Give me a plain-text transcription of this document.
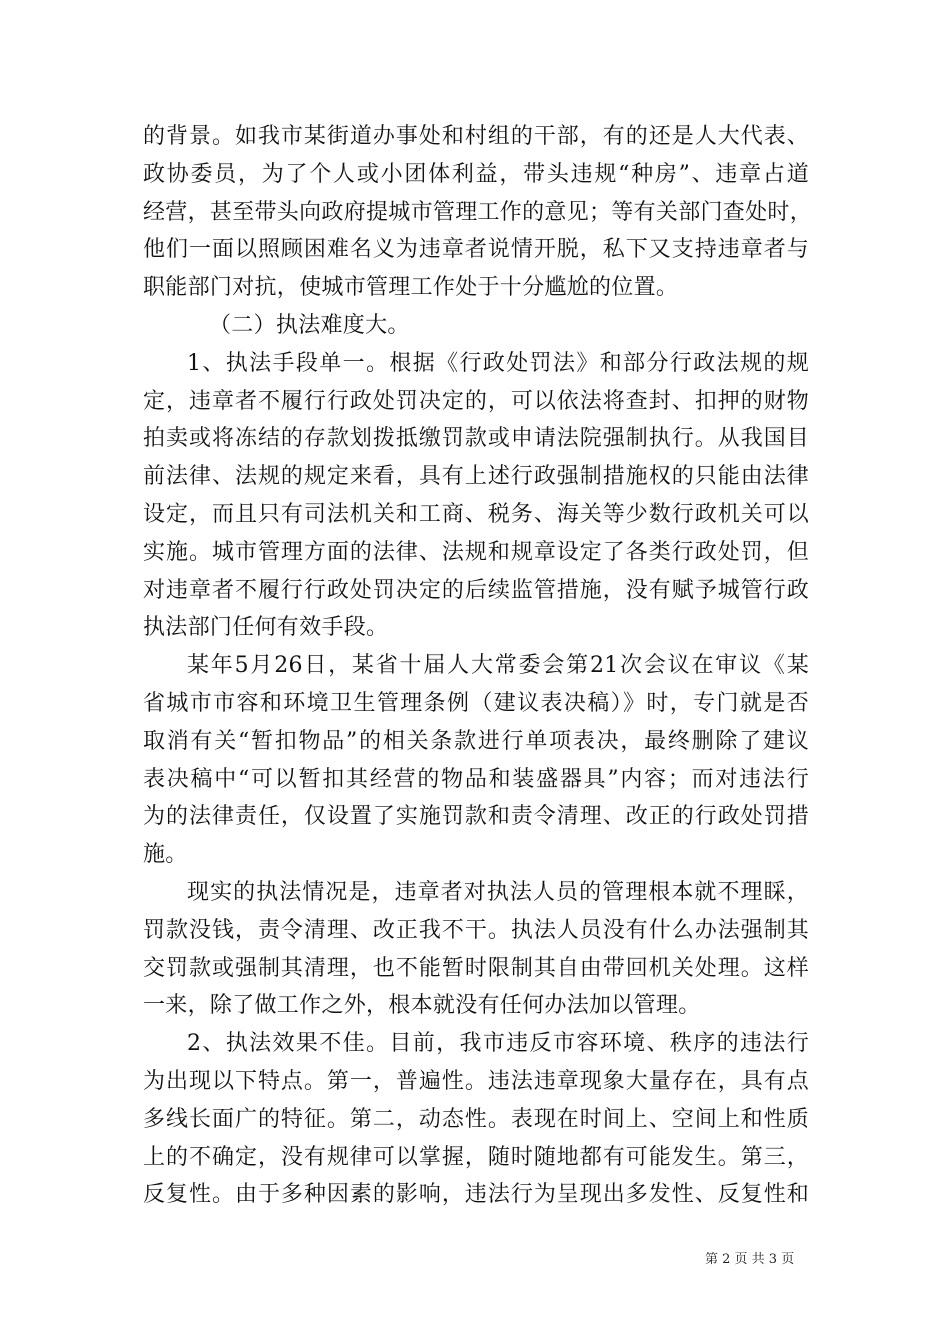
的背景。如我市某街道办事处和村组的干部，有的还是人大代表、
政协委员，为了个人或小团体利益，带头违规“种房”、违章占道
经营，甚至带头向政府提城市管理工作的意见；等有关部门查处时，
他们一面以照顾困难名义为违章者说情开脱，私下又支持违章者与
职能部门对抗，使城市管理工作处于十分尴尬的位置。
（二）执法难度大。
1、执法手段单一。根据《行政处罚法》和部分行政法规的规
定，违章者不履行行政处罚决定的，可以依法将查封、扣押的财物
拍卖或将冻结的存款划拨抵缴罚款或申请法院强制执行。从我国目
前法律、法规的规定来看，具有上述行政强制措施权的只能由法律
设定，而且只有司法机关和工商、税务、海关等少数行政机关可以
实施。城市管理方面的法律、法规和规章设定了各类行政处罚，但
对违章者不履行行政处罚决定的后续监管措施，没有赋予城管行政
执法部门任何有效手段。
某年5月26日，某省十届人大常委会第21次会议在审议《某
省城市市容和环境卫生管理条例（建议表决稿）》时，专门就是否
取消有关“暂扣物品”的相关条款进行单项表决，最终删除了建议
表决稿中“可以暂扣其经营的物品和装盛器具”内容；而对违法行
为的法律责任，仅设置了实施罚款和责令清理、改正的行政处罚措
施。
现实的执法情况是，违章者对执法人员的管理根本就不理睬，
罚款没钱，责令清理、改正我不干。执法人员没有什么办法强制其
交罚款或强制其清理，也不能暂时限制其自由带回机关处理。这样
一来，除了做工作之外，根本就没有任何办法加以管理。
2、执法效果不佳。目前，我市违反市容环境、秩序的违法行
为出现以下特点。第一，普遍性。违法违章现象大量存在，具有点
多线长面广的特征。第二，动态性。表现在时间上、空间上和性质
上的不确定，没有规律可以掌握，随时随地都有可能发生。第三，
反复性。由于多种因素的影响，违法行为呈现出多发性、反复性和
第 2 页 共 3 页
